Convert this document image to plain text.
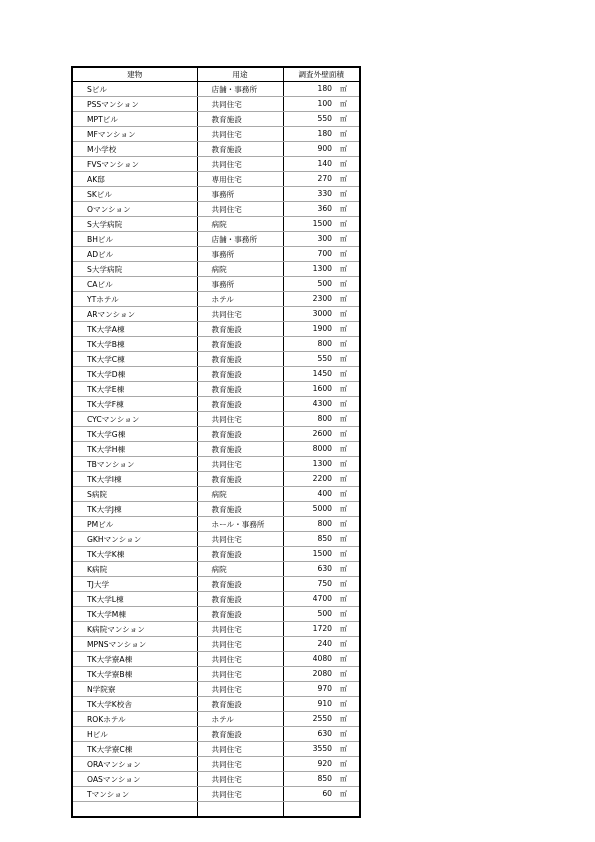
建物	用途	調査外壁面積
Sビル	店舗・事務所	180 ㎡
PSSマンション	共同住宅	100 ㎡
MPTビル	教育施設	550 ㎡
MFマンション	共同住宅	180 ㎡
M小学校	教育施設	900 ㎡
FVSマンション	共同住宅	140 ㎡
AK邸	専用住宅	270 ㎡
SKビル	事務所	330 ㎡
Oマンション	共同住宅	360 ㎡
S大学病院	病院	1500 ㎡
BHビル	店舗・事務所	300 ㎡
ADビル	事務所	700 ㎡
S大学病院	病院	1300 ㎡
CAビル	事務所	500 ㎡
YTホテル	ホテル	2300 ㎡
ARマンション	共同住宅	3000 ㎡
TK大学A棟	教育施設	1900 ㎡
TK大学B棟	教育施設	800 ㎡
TK大学C棟	教育施設	550 ㎡
TK大学D棟	教育施設	1450 ㎡
TK大学E棟	教育施設	1600 ㎡
TK大学F棟	教育施設	4300 ㎡
CYCマンション	共同住宅	800 ㎡
TK大学G棟	教育施設	2600 ㎡
TK大学H棟	教育施設	8000 ㎡
TBマンション	共同住宅	1300 ㎡
TK大学I棟	教育施設	2200 ㎡
S病院	病院	400 ㎡
TK大学J棟	教育施設	5000 ㎡
PMビル	ホール・事務所	800 ㎡
GKHマンション	共同住宅	850 ㎡
TK大学K棟	教育施設	1500 ㎡
K病院	病院	630 ㎡
TJ大学	教育施設	750 ㎡
TK大学L棟	教育施設	4700 ㎡
TK大学M棟	教育施設	500 ㎡
K病院マンション	共同住宅	1720 ㎡
MPNSマンション	共同住宅	240 ㎡
TK大学寮A棟	共同住宅	4080 ㎡
TK大学寮B棟	共同住宅	2080 ㎡
N学院寮	共同住宅	970 ㎡
TK大学K校舎	教育施設	910 ㎡
ROKホテル	ホテル	2550 ㎡
Hビル	教育施設	630 ㎡
TK大学寮C棟	共同住宅	3550 ㎡
ORAマンション	共同住宅	920 ㎡
OASマンション	共同住宅	850 ㎡
Tマンション	共同住宅	60 ㎡
